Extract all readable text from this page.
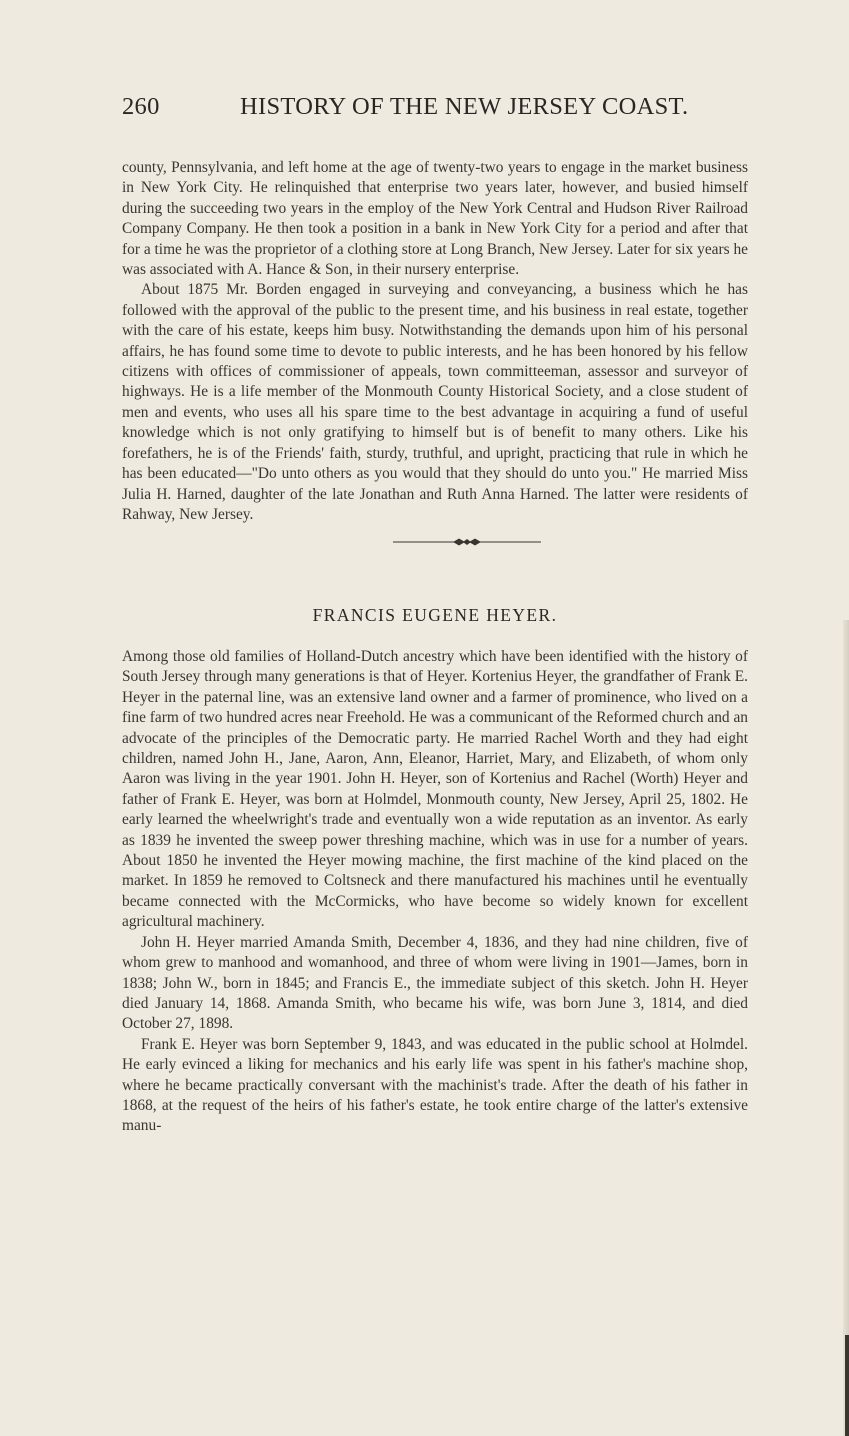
260	HISTORY OF THE NEW JERSEY COAST.

county, Pennsylvania, and left home at the age of twenty-two years to engage in the market business in New York City. He relinquished that enterprise two years later, however, and busied himself during the succeeding two years in the employ of the New York Central and Hudson River Railroad Company Company. He then took a position in a bank in New York City for a period and after that for a time he was the proprietor of a clothing store at Long Branch, New Jersey. Later for six years he was associated with A. Hance & Son, in their nursery enterprise.

About 1875 Mr. Borden engaged in surveying and conveyancing, a business which he has followed with the approval of the public to the present time, and his business in real estate, together with the care of his estate, keeps him busy. Notwithstanding the demands upon him of his personal affairs, he has found some time to devote to public interests, and he has been honored by his fellow citizens with offices of commissioner of appeals, town committeeman, assessor and surveyor of highways. He is a life member of the Monmouth County Historical Society, and a close student of men and events, who uses all his spare time to the best advantage in acquiring a fund of useful knowledge which is not only gratifying to himself but is of benefit to many others. Like his forefathers, he is of the Friends' faith, sturdy, truthful, and upright, practicing that rule in which he has been educated—"Do unto others as you would that they should do unto you." He married Miss Julia H. Harned, daughter of the late Jonathan and Ruth Anna Harned. The latter were residents of Rahway, New Jersey.

FRANCIS EUGENE HEYER.

Among those old families of Holland-Dutch ancestry which have been identified with the history of South Jersey through many generations is that of Heyer. Kortenius Heyer, the grandfather of Frank E. Heyer in the paternal line, was an extensive land owner and a farmer of prominence, who lived on a fine farm of two hundred acres near Freehold. He was a communicant of the Reformed church and an advocate of the principles of the Democratic party. He married Rachel Worth and they had eight children, named John H., Jane, Aaron, Ann, Eleanor, Harriet, Mary, and Elizabeth, of whom only Aaron was living in the year 1901. John H. Heyer, son of Kortenius and Rachel (Worth) Heyer and father of Frank E. Heyer, was born at Holmdel, Monmouth county, New Jersey, April 25, 1802. He early learned the wheelwright's trade and eventually won a wide reputation as an inventor. As early as 1839 he invented the sweep power threshing machine, which was in use for a number of years. About 1850 he invented the Heyer mowing machine, the first machine of the kind placed on the market. In 1859 he removed to Coltsneck and there manufactured his machines until he eventually became connected with the McCormicks, who have become so widely known for excellent agricultural machinery.

John H. Heyer married Amanda Smith, December 4, 1836, and they had nine children, five of whom grew to manhood and womanhood, and three of whom were living in 1901—James, born in 1838; John W., born in 1845; and Francis E., the immediate subject of this sketch. John H. Heyer died January 14, 1868. Amanda Smith, who became his wife, was born June 3, 1814, and died October 27, 1898.

Frank E. Heyer was born September 9, 1843, and was educated in the public school at Holmdel. He early evinced a liking for mechanics and his early life was spent in his father's machine shop, where he became practically conversant with the machinist's trade. After the death of his father in 1868, at the request of the heirs of his father's estate, he took entire charge of the latter's extensive manu-
